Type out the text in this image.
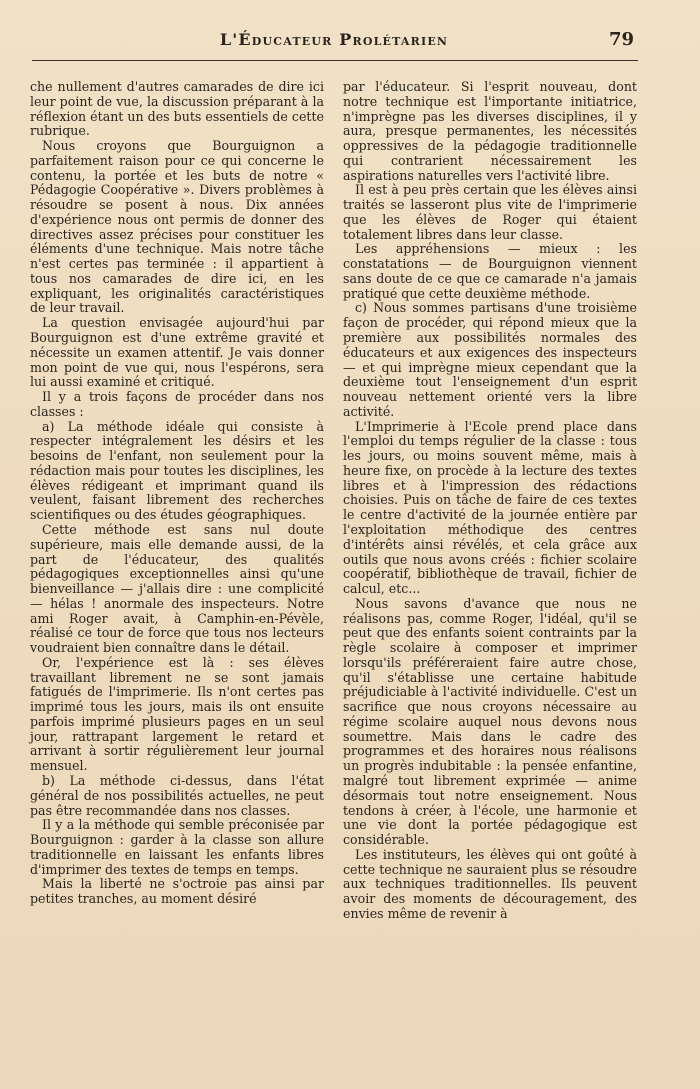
L'Éducateur Prolétarien	79

che nullement d'autres camarades de dire ici leur point de vue, la discussion préparant à la réflexion étant un des buts essentiels de cette rubrique.

Nous croyons que Bourguignon a parfaitement raison pour ce qui concerne le contenu, la portée et les buts de notre « Pédagogie Coopérative ». Divers problèmes à résoudre se posent à nous. Dix années d'expérience nous ont permis de donner des directives assez précises pour constituer les éléments d'une technique. Mais notre tâche n'est certes pas terminée : il appartient à tous nos camarades de dire ici, en les expliquant, les originalités caractéristiques de leur travail.

La question envisagée aujourd'hui par Bourguignon est d'une extrême gravité et nécessite un examen attentif. Je vais donner mon point de vue qui, nous l'espérons, sera lui aussi examiné et critiqué.

Il y a trois façons de procéder dans nos classes :

a) La méthode idéale qui consiste à respecter intégralement les désirs et les besoins de l'enfant, non seulement pour la rédaction mais pour toutes les disciplines, les élèves rédigeant et imprimant quand ils veulent, faisant librement des recherches scientifiques ou des études géographiques.

Cette méthode est sans nul doute supérieure, mais elle demande aussi, de la part de l'éducateur, des qualités pédagogiques exceptionnelles ainsi qu'une bienveillance — j'allais dire : une complicité — hélas ! anormale des inspecteurs. Notre ami Roger avait, à Camphin-en-Pévèle, réalisé ce tour de force que tous nos lecteurs voudraient bien connaître dans le détail.

Or, l'expérience est là : ses élèves travaillant librement ne se sont jamais fatigués de l'imprimerie. Ils n'ont certes pas imprimé tous les jours, mais ils ont ensuite parfois imprimé plusieurs pages en un seul jour, rattrapant largement le retard et arrivant à sortir régulièrement leur journal mensuel.

b) La méthode ci-dessus, dans l'état général de nos possibilités actuelles, ne peut pas être recommandée dans nos classes.

Il y a la méthode qui semble préconisée par Bourguignon : garder à la classe son allure traditionnelle en laissant les enfants libres d'imprimer des textes de temps en temps.

Mais la liberté ne s'octroie pas ainsi par petites tranches, au moment désiré

par l'éducateur. Si l'esprit nouveau, dont notre technique est l'importante initiatrice, n'imprègne pas les diverses disciplines, il y aura, presque permanentes, les nécessités oppressives de la pédagogie traditionnelle qui contrarient nécessairement les aspirations naturelles vers l'activité libre.

Il est à peu près certain que les élèves ainsi traités se lasseront plus vite de l'imprimerie que les élèves de Roger qui étaient totalement libres dans leur classe.

Les appréhensions — mieux : les constatations — de Bourguignon viennent sans doute de ce que ce camarade n'a jamais pratiqué que cette deuxième méthode.

c) Nous sommes partisans d'une troisième façon de procéder, qui répond mieux que la première aux possibilités normales des éducateurs et aux exigences des inspecteurs — et qui imprègne mieux cependant que la deuxième tout l'enseignement d'un esprit nouveau nettement orienté vers la libre activité.

L'Imprimerie à l'Ecole prend place dans l'emploi du temps régulier de la classe : tous les jours, ou moins souvent même, mais à heure fixe, on procède à la lecture des textes libres et à l'impression des rédactions choisies. Puis on tâche de faire de ces textes le centre d'activité de la journée entière par l'exploitation méthodique des centres d'intérêts ainsi révélés, et cela grâce aux outils que nous avons créés : fichier scolaire coopératif, bibliothèque de travail, fichier de calcul, etc...

Nous savons d'avance que nous ne réalisons pas, comme Roger, l'idéal, qu'il se peut que des enfants soient contraints par la règle scolaire à composer et imprimer lorsqu'ils préféreraient faire autre chose, qu'il s'établisse une certaine habitude préjudiciable à l'activité individuelle. C'est un sacrifice que nous croyons nécessaire au régime scolaire auquel nous devons nous soumettre. Mais dans le cadre des programmes et des horaires nous réalisons un progrès indubitable : la pensée enfantine, malgré tout librement exprimée — anime désormais tout notre enseignement. Nous tendons à créer, à l'école, une harmonie et une vie dont la portée pédagogique est considérable.

Les instituteurs, les élèves qui ont goûté à cette technique ne sauraient plus se résoudre aux techniques traditionnelles. Ils peuvent avoir des moments de découragement, des envies même de revenir à
